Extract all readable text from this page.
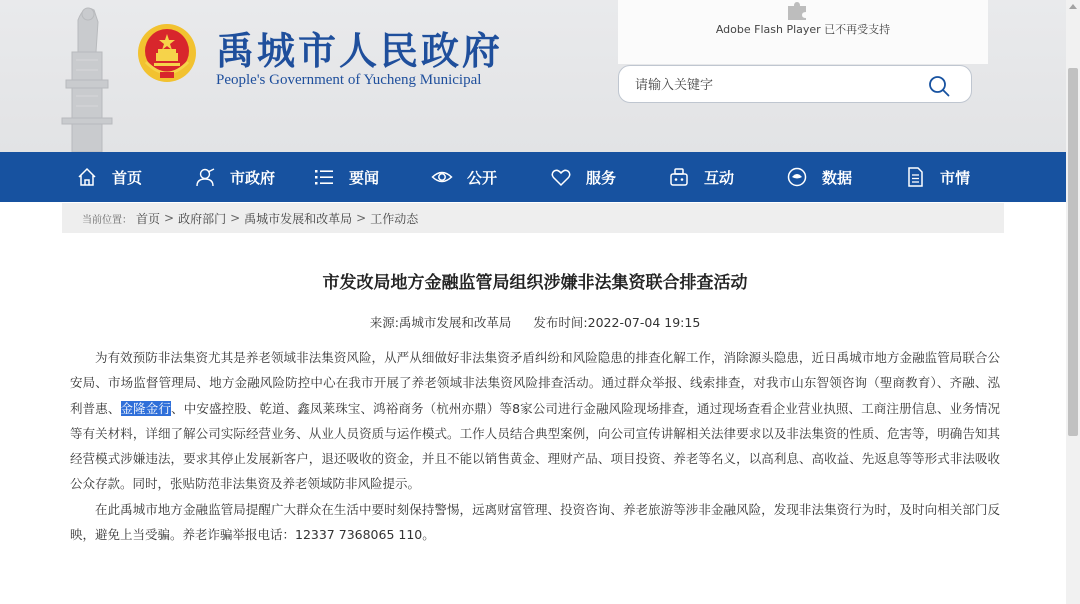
禹城市人民政府
People's Government of Yucheng Municipal
Adobe Flash Player 已不再受支持
请输入关键字
首页	市政府	要闻	公开	服务	互动	数据	市情
当前位置： 首页 > 政府部门 > 禹城市发展和改革局 > 工作动态
市发改局地方金融监管局组织涉嫌非法集资联合排查活动
来源:禹城市发展和改革局 发布时间:2022-07-04 19:15

为有效预防非法集资尤其是养老领域非法集资风险，从严从细做好非法集资矛盾纠纷和风险隐患的排查化解工作，消除源头隐患，近日禹城市地方金融监管局联合公安局、市场监督管理局、地方金融风险防控中心在我市开展了养老领域非法集资风险排查活动。通过群众举报、线索排查，对我市山东智领咨询（聖商教育）、齐融、泓利普惠、金隆金行、中安盛控股、乾道、鑫凤莱珠宝、鸿裕商务（杭州亦鼎）等8家公司进行金融风险现场排查，通过现场查看企业营业执照、工商注册信息、业务情况等有关材料，详细了解公司实际经营业务、从业人员资质与运作模式。工作人员结合典型案例，向公司宣传讲解相关法律要求以及非法集资的性质、危害等，明确告知其经营模式涉嫌违法，要求其停止发展新客户，退还吸收的资金，并且不能以销售黄金、理财产品、项目投资、养老等名义，以高利息、高收益、先返息等等形式非法吸收公众存款。同时，张贴防范非法集资及养老领域防非风险提示。

在此禹城市地方金融监管局提醒广大群众在生活中要时刻保持警惕，远离财富管理、投资咨询、养老旅游等涉非金融风险，发现非法集资行为时，及时向相关部门反映，避免上当受骗。养老诈骗举报电话：12337 7368065 110。
